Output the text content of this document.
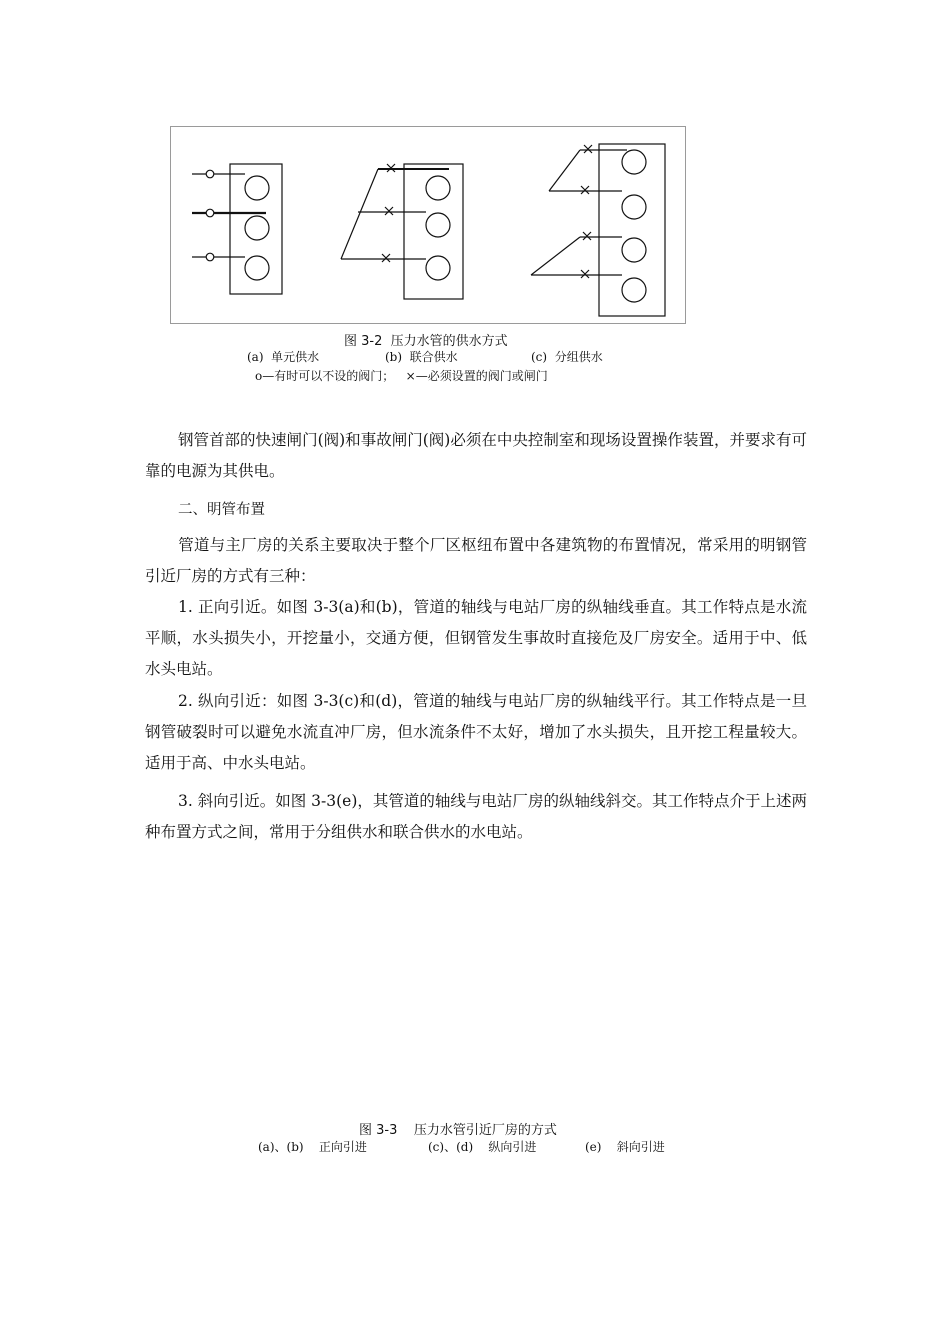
图 3-2  压力水管的供水方式
(a)  单元供水	(b)  联合供水	(c)  分组供水
o—有时可以不设的阀门；   ×—必须设置的阀门或闸门
钢管首部的快速闸门(阀)和事故闸门(阀)必须在中央控制室和现场设置操作装置，并要求有可靠的电源为其供电。
二、明管布置
管道与主厂房的关系主要取决于整个厂区枢纽布置中各建筑物的布置情况，常采用的明钢管引近厂房的方式有三种：
1. 正向引近。如图 3-3(a)和(b)，管道的轴线与电站厂房的纵轴线垂直。其工作特点是水流平顺，水头损失小，开挖量小，交通方便，但钢管发生事故时直接危及厂房安全。适用于中、低水头电站。
2. 纵向引近：如图 3-3(c)和(d)，管道的轴线与电站厂房的纵轴线平行。其工作特点是一旦钢管破裂时可以避免水流直冲厂房，但水流条件不太好，增加了水头损失，且开挖工程量较大。适用于高、中水头电站。
3. 斜向引近。如图 3-3(e)，其管道的轴线与电站厂房的纵轴线斜交。其工作特点介于上述两种布置方式之间，常用于分组供水和联合供水的水电站。
图 3-3    压力水管引近厂房的方式
(a)、(b)    正向引进	(c)、(d)    纵向引进	(e)    斜向引进
